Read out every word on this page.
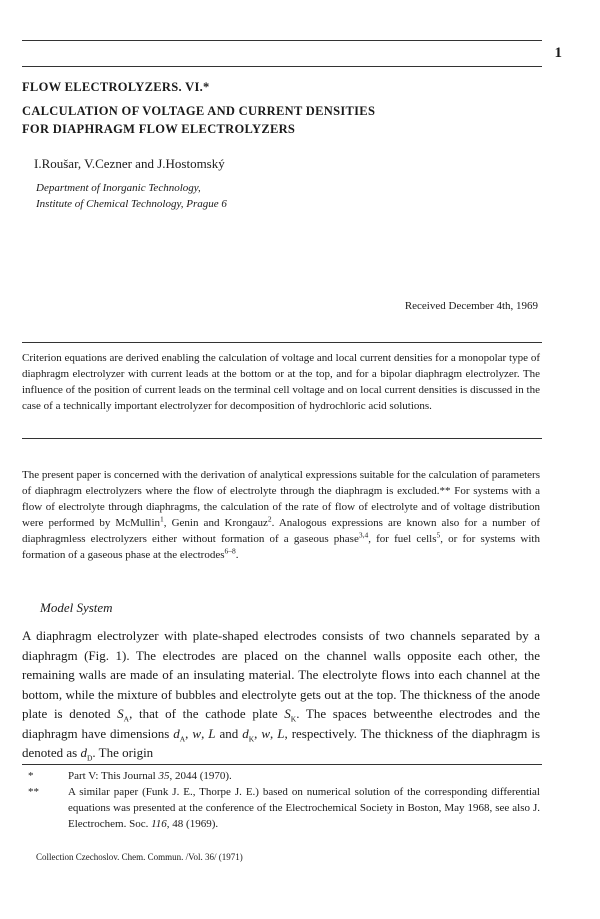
1
FLOW ELECTROLYZERS. VI.*
CALCULATION OF VOLTAGE AND CURRENT DENSITIES
FOR DIAPHRAGM FLOW ELECTROLYZERS
I.Roušar, V.Cezner and J.Hostomský
Department of Inorganic Technology,
Institute of Chemical Technology, Prague 6
Received December 4th, 1969
Criterion equations are derived enabling the calculation of voltage and local current densities for a monopolar type of diaphragm electrolyzer with current leads at the bottom or at the top, and for a bipolar diaphragm electrolyzer. The influence of the position of current leads on the terminal cell voltage and on local current densities is discussed in the case of a technically important electrolyzer for decomposition of hydrochloric acid solutions.
The present paper is concerned with the derivation of analytical expressions suitable for the calculation of parameters of diaphragm electrolyzers where the flow of electrolyte through the diaphragm is excluded.** For systems with a flow of electrolyte through diaphragms, the calculation of the rate of flow of electrolyte and of voltage distribution were performed by McMullin$^1$, Genin and Krongauz$^2$. Analogous expressions are known also for a number of diaphragmless electrolyzers either without formation of a gaseous phase$^{3,4}$, for fuel cells$^5$, or for systems with formation of a gaseous phase at the electrodes$^{6-8}$.
Model System
A diaphragm electrolyzer with plate-shaped electrodes consists of two channels separated by a diaphragm (Fig. 1). The electrodes are placed on the channel walls opposite each other, the remaining walls are made of an insulating material. The electrolyte flows into each channel at the bottom, while the mixture of bubbles and electrolyte gets out at the top. The thickness of the anode plate is denoted $S_A$, that of the cathode plate $S_K$. The spaces betweenthe electrodes and the diaphragm have dimensions $d_A$, w, L and $d_K$, w, L, respectively. The thickness of the diaphragm is denoted as $d_D$. The origin
*	Part V: This Journal 35, 2044 (1970).
**	A similar paper (Funk J. E., Thorpe J. E.) based on numerical solution of the corresponding differential equations was presented at the conference of the Electrochemical Society in Boston, May 1968, see also J. Electrochem. Soc. 116, 48 (1969).
Collection Czechoslov. Chem. Commun. /Vol. 36/ (1971)
